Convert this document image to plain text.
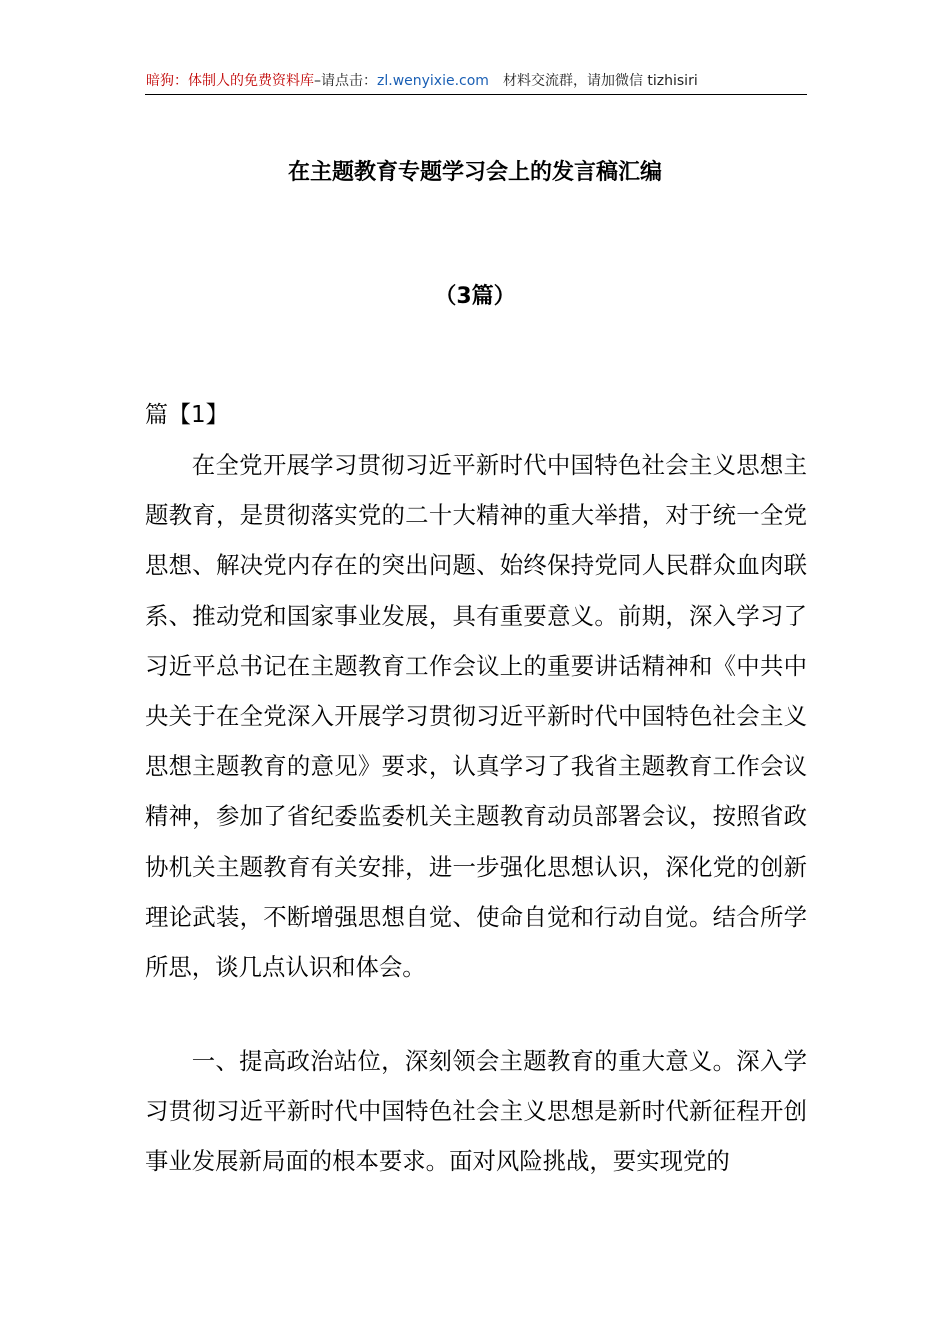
暗狗：体制人的免费资料库–请点击：zl.wenyixie.com 材料交流群，请加微信 tizhisiri
在主题教育专题学习会上的发言稿汇编
（3篇）
篇【1】
在全党开展学习贯彻习近平新时代中国特色社会主义思想主题教育，是贯彻落实党的二十大精神的重大举措，对于统一全党思想、解决党内存在的突出问题、始终保持党同人民群众血肉联系、推动党和国家事业发展，具有重要意义。前期，深入学习了习近平总书记在主题教育工作会议上的重要讲话精神和《中共中央关于在全党深入开展学习贯彻习近平新时代中国特色社会主义思想主题教育的意见》要求，认真学习了我省主题教育工作会议精神，参加了省纪委监委机关主题教育动员部署会议，按照省政协机关主题教育有关安排，进一步强化思想认识，深化党的创新理论武装，不断增强思想自觉、使命自觉和行动自觉。结合所学所思，谈几点认识和体会。
一、提高政治站位，深刻领会主题教育的重大意义。深入学习贯彻习近平新时代中国特色社会主义思想是新时代新征程开创事业发展新局面的根本要求。面对风险挑战，要实现党的
